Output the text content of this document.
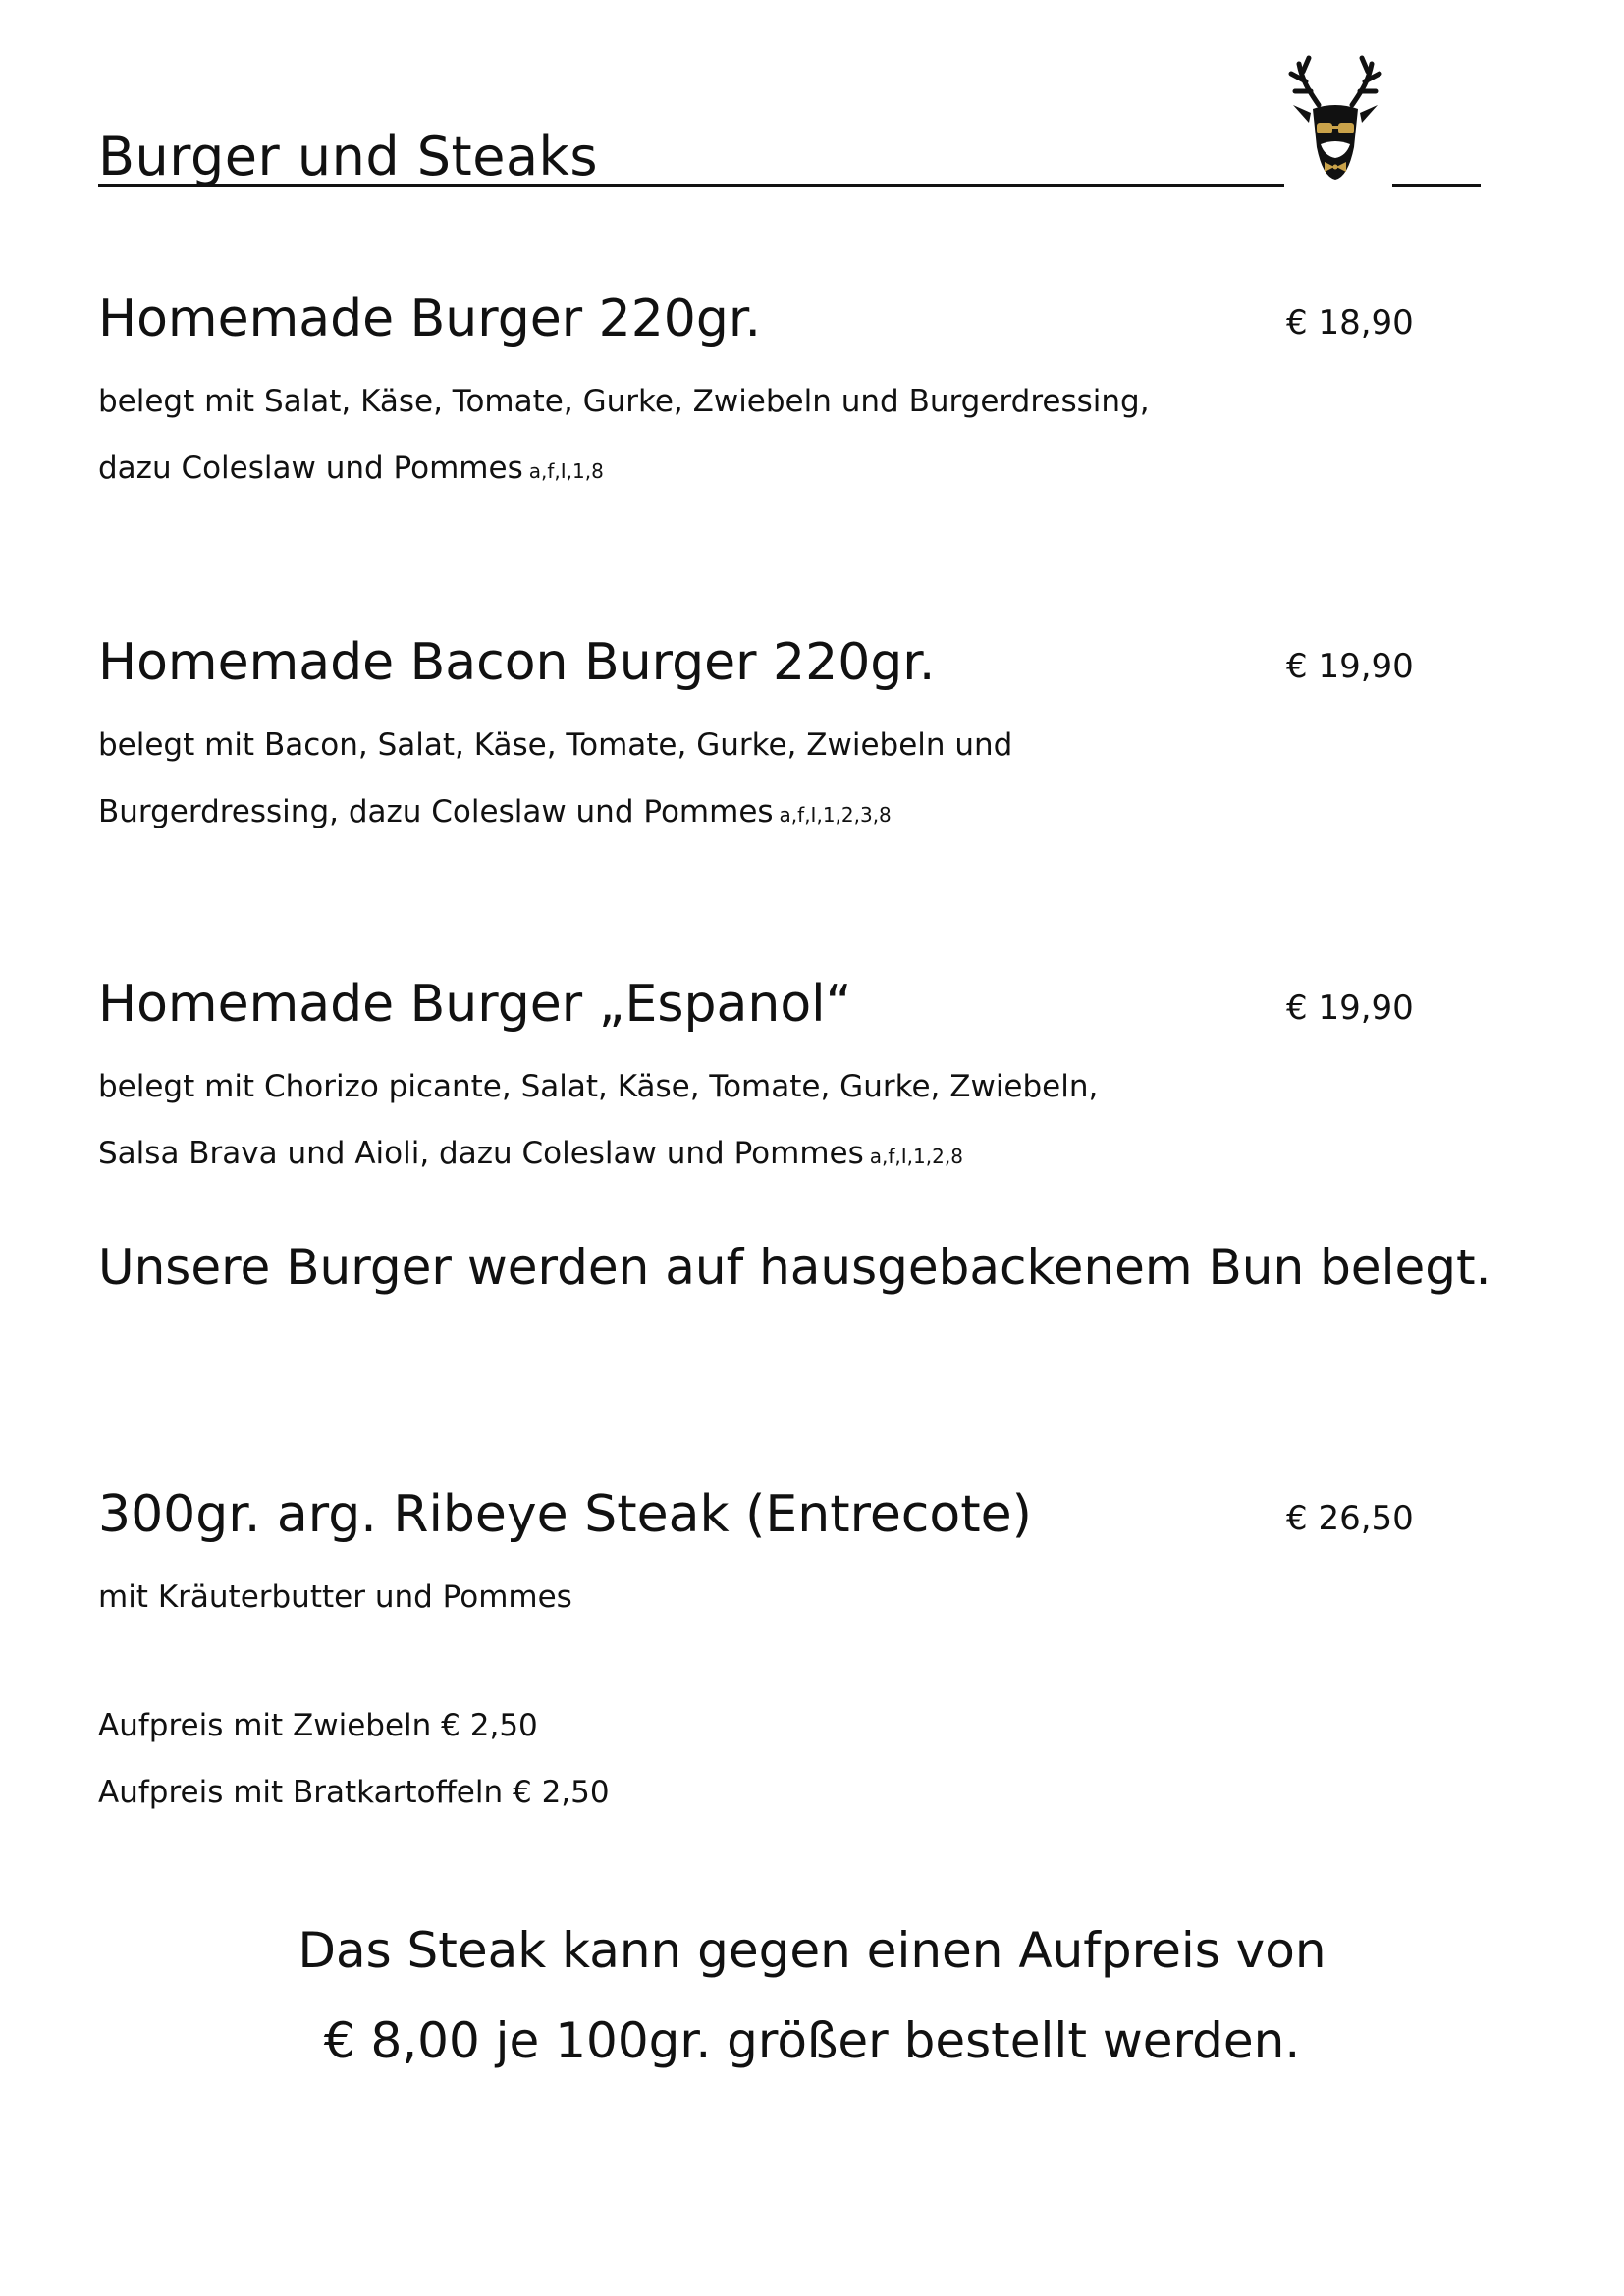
Burger und Steaks
Homemade Burger 220gr.	€ 18,90
belegt mit Salat, Käse, Tomate, Gurke, Zwiebeln und Burgerdressing,
dazu Coleslaw und Pommes a,f,I,1,8
Homemade Bacon Burger 220gr.	€ 19,90
belegt mit Bacon, Salat, Käse, Tomate, Gurke, Zwiebeln und
Burgerdressing, dazu Coleslaw und Pommes a,f,I,1,2,3,8
Homemade Burger „Espanol“	€ 19,90
belegt mit Chorizo picante, Salat, Käse, Tomate, Gurke, Zwiebeln,
Salsa Brava und Aioli, dazu Coleslaw und Pommes a,f,I,1,2,8
Unsere Burger werden auf hausgebackenem Bun belegt.
300gr. arg. Ribeye Steak (Entrecote)	€ 26,50
mit Kräuterbutter und Pommes
Aufpreis mit Zwiebeln € 2,50
Aufpreis mit Bratkartoffeln € 2,50
Das Steak kann gegen einen Aufpreis von
€ 8,00 je 100gr. größer bestellt werden.
